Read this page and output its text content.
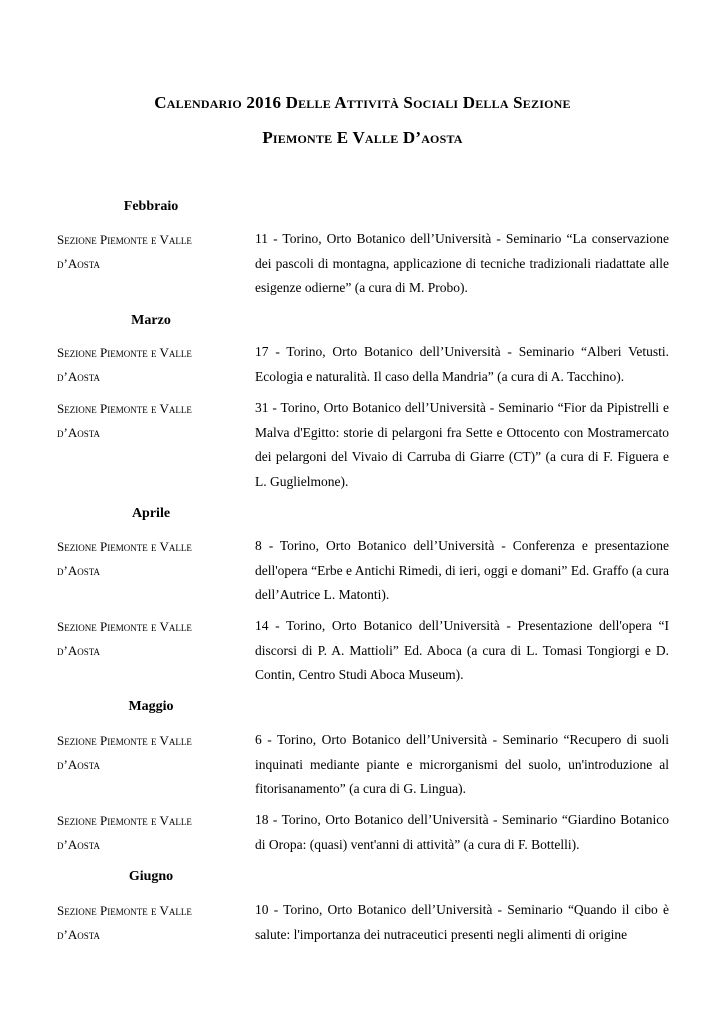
Calendario 2016 Delle Attività Sociali Della Sezione
Piemonte E Valle D’aosta
Febbraio
Sezione Piemonte e Valle d’Aosta
11 - Torino, Orto Botanico dell’Università - Seminario “La conservazione dei pascoli di montagna, applicazione di tecniche tradizionali riadattate alle esigenze odierne” (a cura di M. Probo).
Marzo
Sezione Piemonte e Valle d’Aosta
17 - Torino, Orto Botanico dell’Università - Seminario “Alberi Vetusti. Ecologia e naturalità. Il caso della Mandria” (a cura di A. Tacchino).
Sezione Piemonte e Valle d’Aosta
31 - Torino, Orto Botanico dell’Università - Seminario “Fior da Pipistrelli e Malva d'Egitto: storie di pelargoni fra Sette e Ottocento con Mostramercato dei pelargoni del Vivaio di Carruba di Giarre (CT)” (a cura di F. Figuera e L. Guglielmone).
Aprile
Sezione Piemonte e Valle d’Aosta
8 - Torino, Orto Botanico dell’Università - Conferenza e presentazione dell'opera “Erbe e Antichi Rimedi, di ieri, oggi e domani” Ed. Graffo (a cura dell’Autrice L. Matonti).
Sezione Piemonte e Valle d’Aosta
14 - Torino, Orto Botanico dell’Università - Presentazione dell'opera “I discorsi di P. A. Mattioli” Ed. Aboca (a cura di L. Tomasi Tongiorgi e D. Contin, Centro Studi Aboca Museum).
Maggio
Sezione Piemonte e Valle d’Aosta
6 - Torino, Orto Botanico dell’Università - Seminario “Recupero di suoli inquinati mediante piante e microrganismi del suolo, un'introduzione al fitorisanamento” (a cura di G. Lingua).
Sezione Piemonte e Valle d’Aosta
18 - Torino, Orto Botanico dell’Università - Seminario “Giardino Botanico di Oropa: (quasi) vent'anni di attività” (a cura di F. Bottelli).
Giugno
Sezione Piemonte e Valle d’Aosta
10 - Torino, Orto Botanico dell’Università - Seminario “Quando il cibo è salute: l'importanza dei nutraceutici presenti negli alimenti di origine
